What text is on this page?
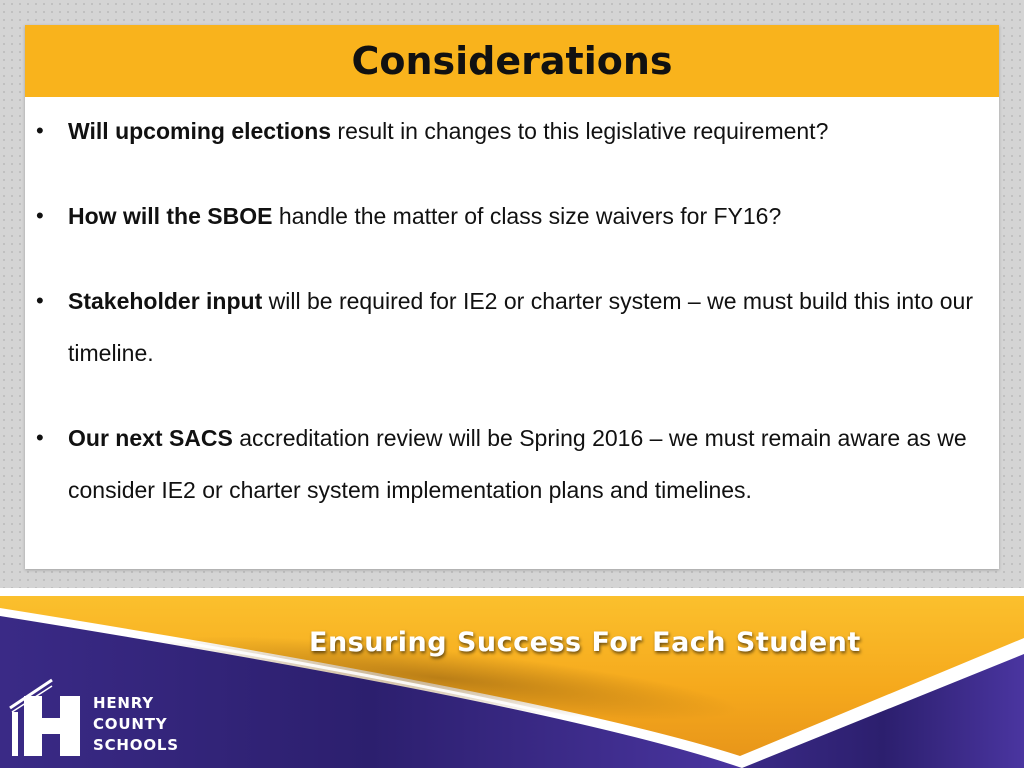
Considerations
• Will upcoming elections result in changes to this legislative requirement?
• How will the SBOE handle the matter of class size waivers for FY16?
• Stakeholder input will be required for IE2 or charter system – we must build this into our timeline.
• Our next SACS accreditation review will be Spring 2016 – we must remain aware as we consider IE2 or charter system implementation plans and timelines.
Ensuring Success For Each Student
HENRY
COUNTY
SCHOOLS
